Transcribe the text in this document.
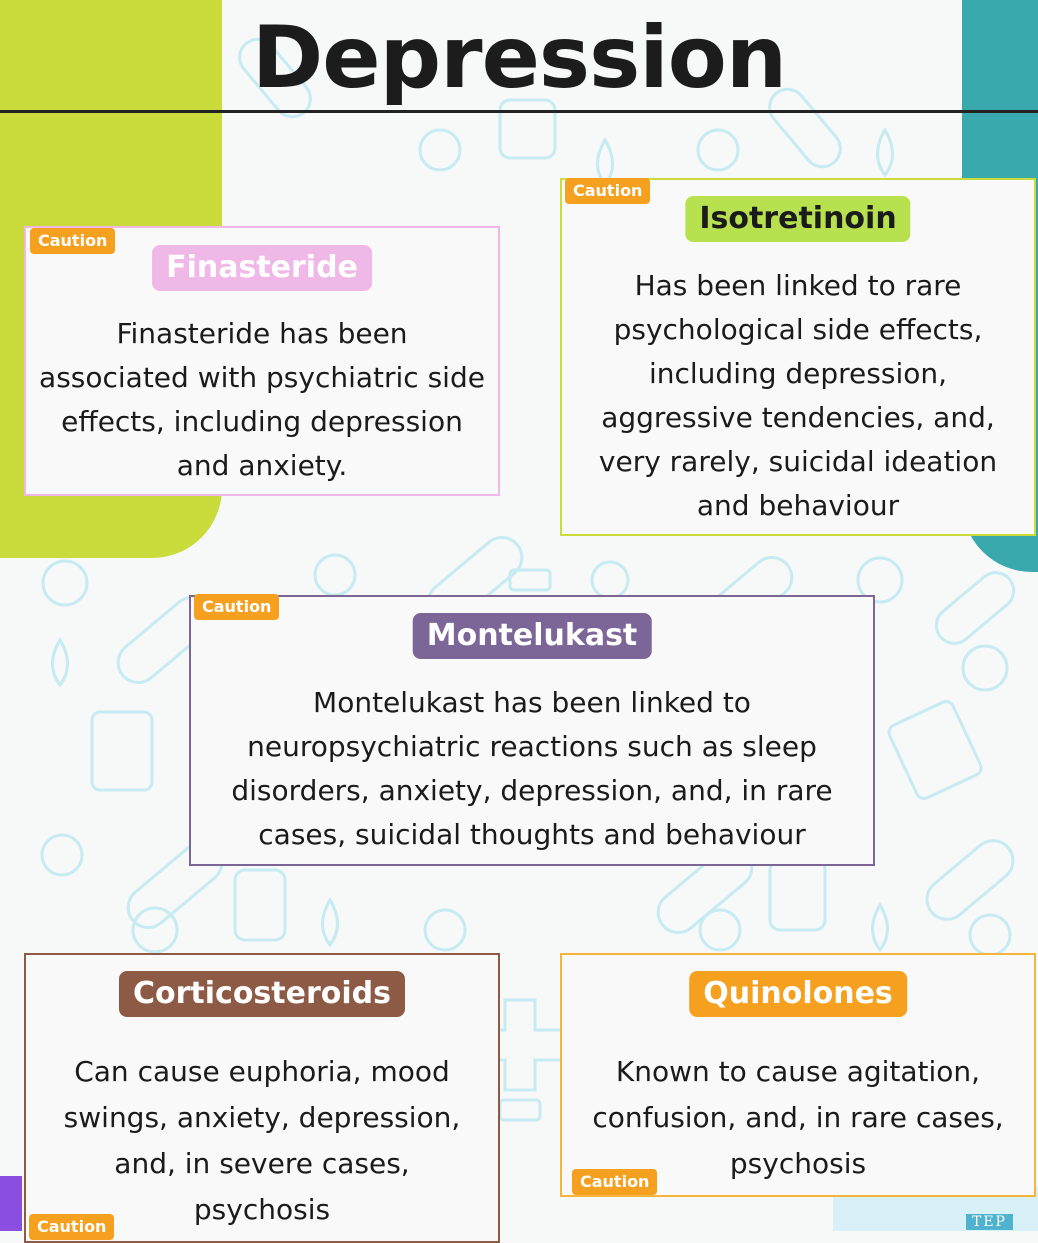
Depression
Finasteride
Finasteride has been
associated with psychiatric side
effects, including depression
and anxiety.
Caution
Isotretinoin
Has been linked to rare
psychological side effects,
including depression,
aggressive tendencies, and,
very rarely, suicidal ideation
and behaviour
Caution
Montelukast
Montelukast has been linked to
neuropsychiatric reactions such as sleep
disorders, anxiety, depression, and, in rare
cases, suicidal thoughts and behaviour
Caution
Corticosteroids
Can cause euphoria, mood
swings, anxiety, depression,
and, in severe cases,
psychosis
Caution
Quinolones
Known to cause agitation,
confusion, and, in rare cases,
psychosis
Caution
TEP
